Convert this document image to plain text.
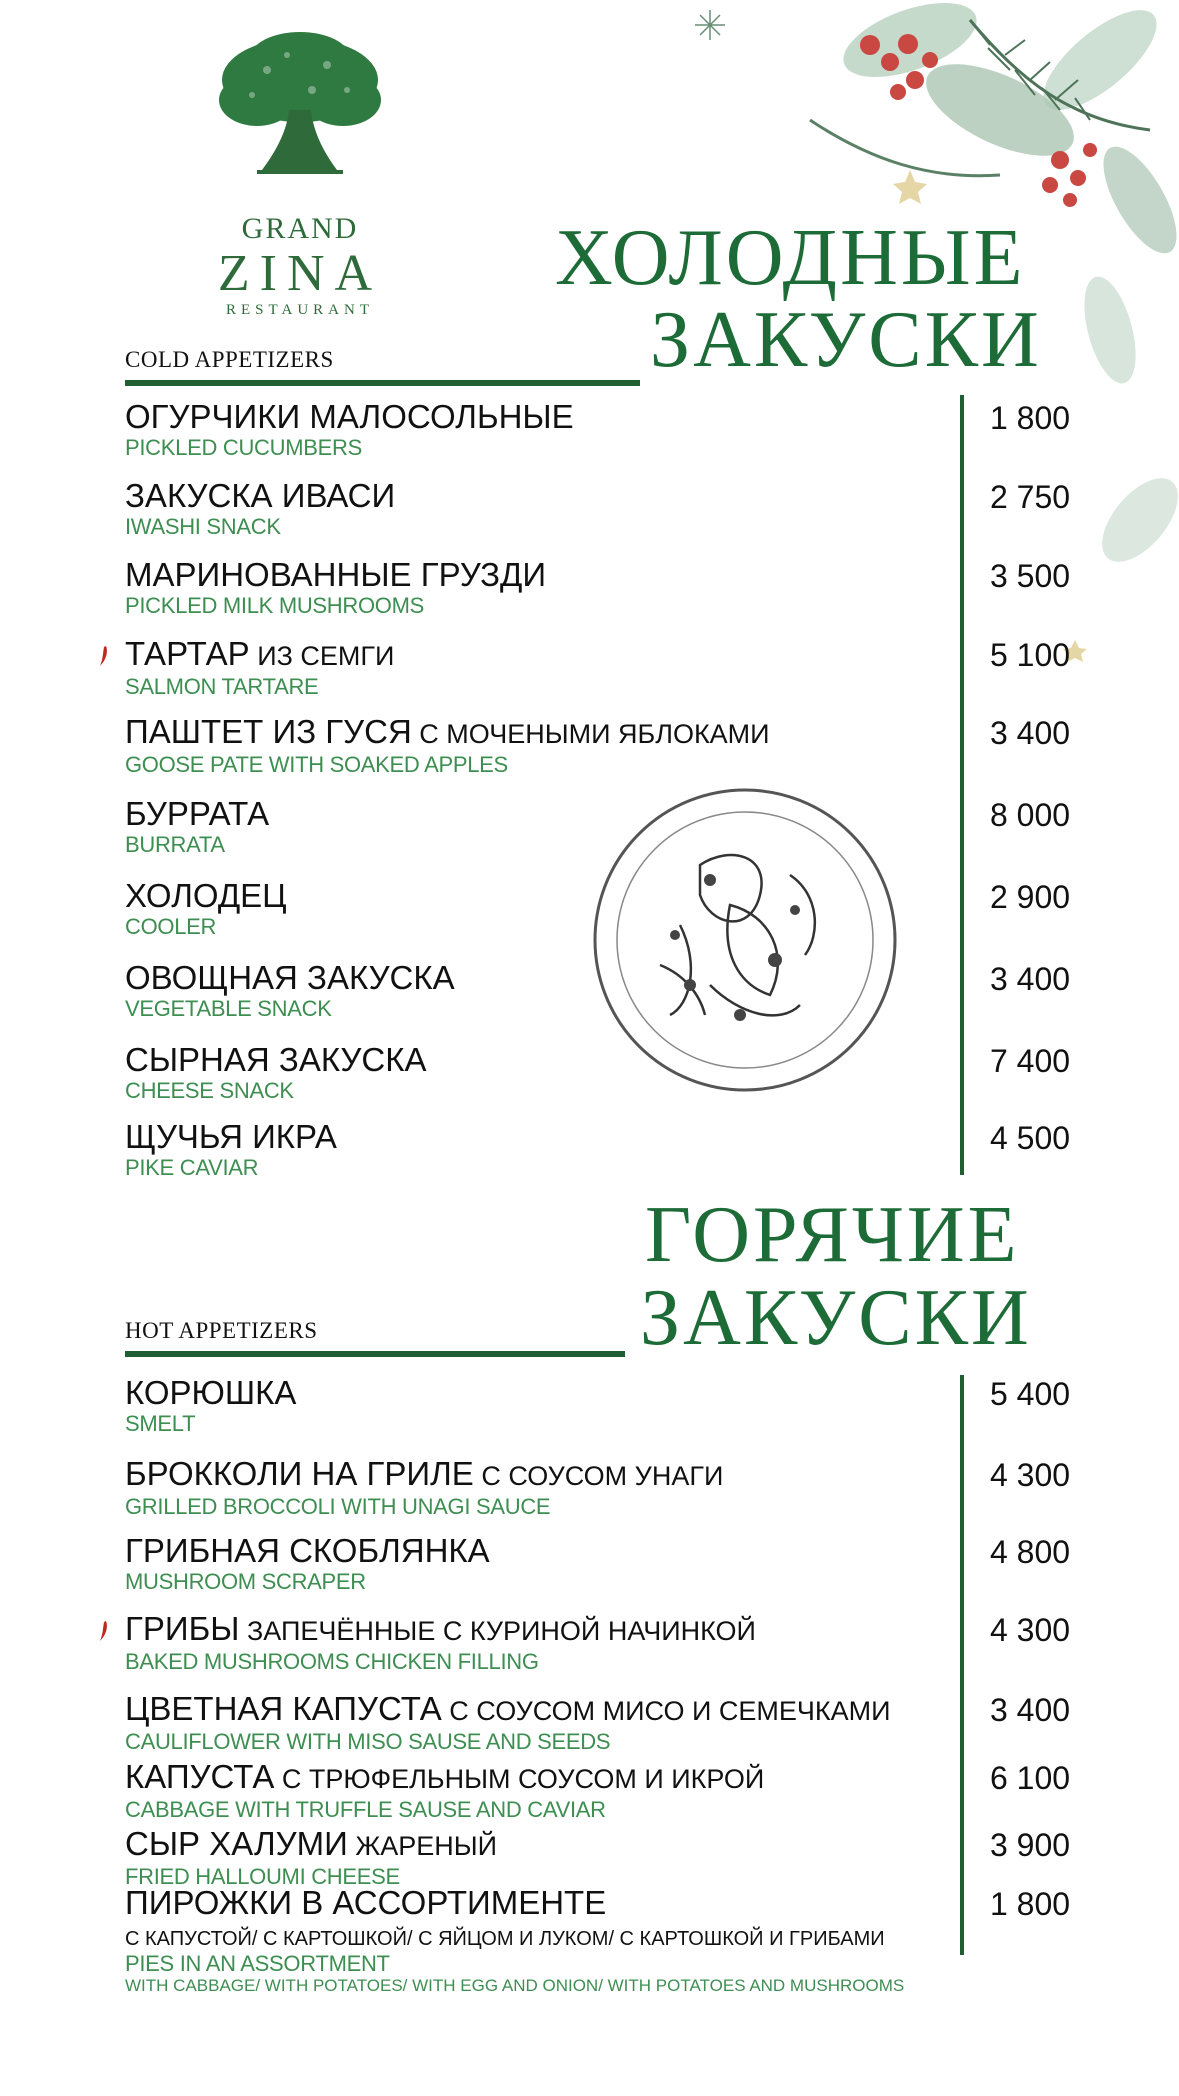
GRAND
ZINA
RESTAURANT
ХОЛОДНЫЕ
ЗАКУСКИ
COLD APPETIZERS
ГОРЯЧИЕ
ЗАКУСКИ
HOT APPETIZERS
ОГУРЧИКИ МАЛОСОЛЬНЫЕ
PICKLED CUCUMBERS
1 800
ЗАКУСКА ИВАСИ
IWASHI SNACK
2 750
МАРИНОВАННЫЕ ГРУЗДИ
PICKLED MILK MUSHROOMS
3 500
ТАРТАР ИЗ СЕМГИ
SALMON TARTARE
5 100
ПАШТЕТ ИЗ ГУСЯ С МОЧЕНЫМИ ЯБЛОКАМИ
GOOSE PATE WITH SOAKED APPLES
3 400
БУРРАТА
BURRATA
8 000
ХОЛОДЕЦ
COOLER
2 900
ОВОЩНАЯ ЗАКУСКА
VEGETABLE SNACK
3 400
СЫРНАЯ ЗАКУСКА
CHEESE SNACK
7 400
ЩУЧЬЯ ИКРА
PIKE CAVIAR
4 500
КОРЮШКА
SMELT
5 400
БРОККОЛИ НА ГРИЛЕ С СОУСОМ УНАГИ
GRILLED BROCCOLI WITH UNAGI SAUCE
4 300
ГРИБНАЯ СКОБЛЯНКА
MUSHROOM SCRAPER
4 800
ГРИБЫ ЗАПЕЧЁННЫЕ С КУРИНОЙ НАЧИНКОЙ
BAKED MUSHROOMS CHICKEN FILLING
4 300
ЦВЕТНАЯ КАПУСТА С СОУСОМ МИСО И СЕМЕЧКАМИ
CAULIFLOWER WITH MISO SAUSE AND SEEDS
3 400
КАПУСТА С ТРЮФЕЛЬНЫМ СОУСОМ И ИКРОЙ
CABBAGE WITH TRUFFLE SAUSE AND CAVIAR
6 100
СЫР ХАЛУМИ ЖАРЕНЫЙ
FRIED HALLOUMI CHEESE
3 900
ПИРОЖКИ В АССОРТИМЕНТЕ
С КАПУСТОЙ/ С КАРТОШКОЙ/ С ЯЙЦОМ И ЛУКОМ/ С КАРТОШКОЙ И ГРИБАМИ
PIES IN AN ASSORTMENT
WITH CABBAGE/ WITH POTATOES/ WITH EGG AND ONION/ WITH POTATOES AND MUSHROOMS
1 800
